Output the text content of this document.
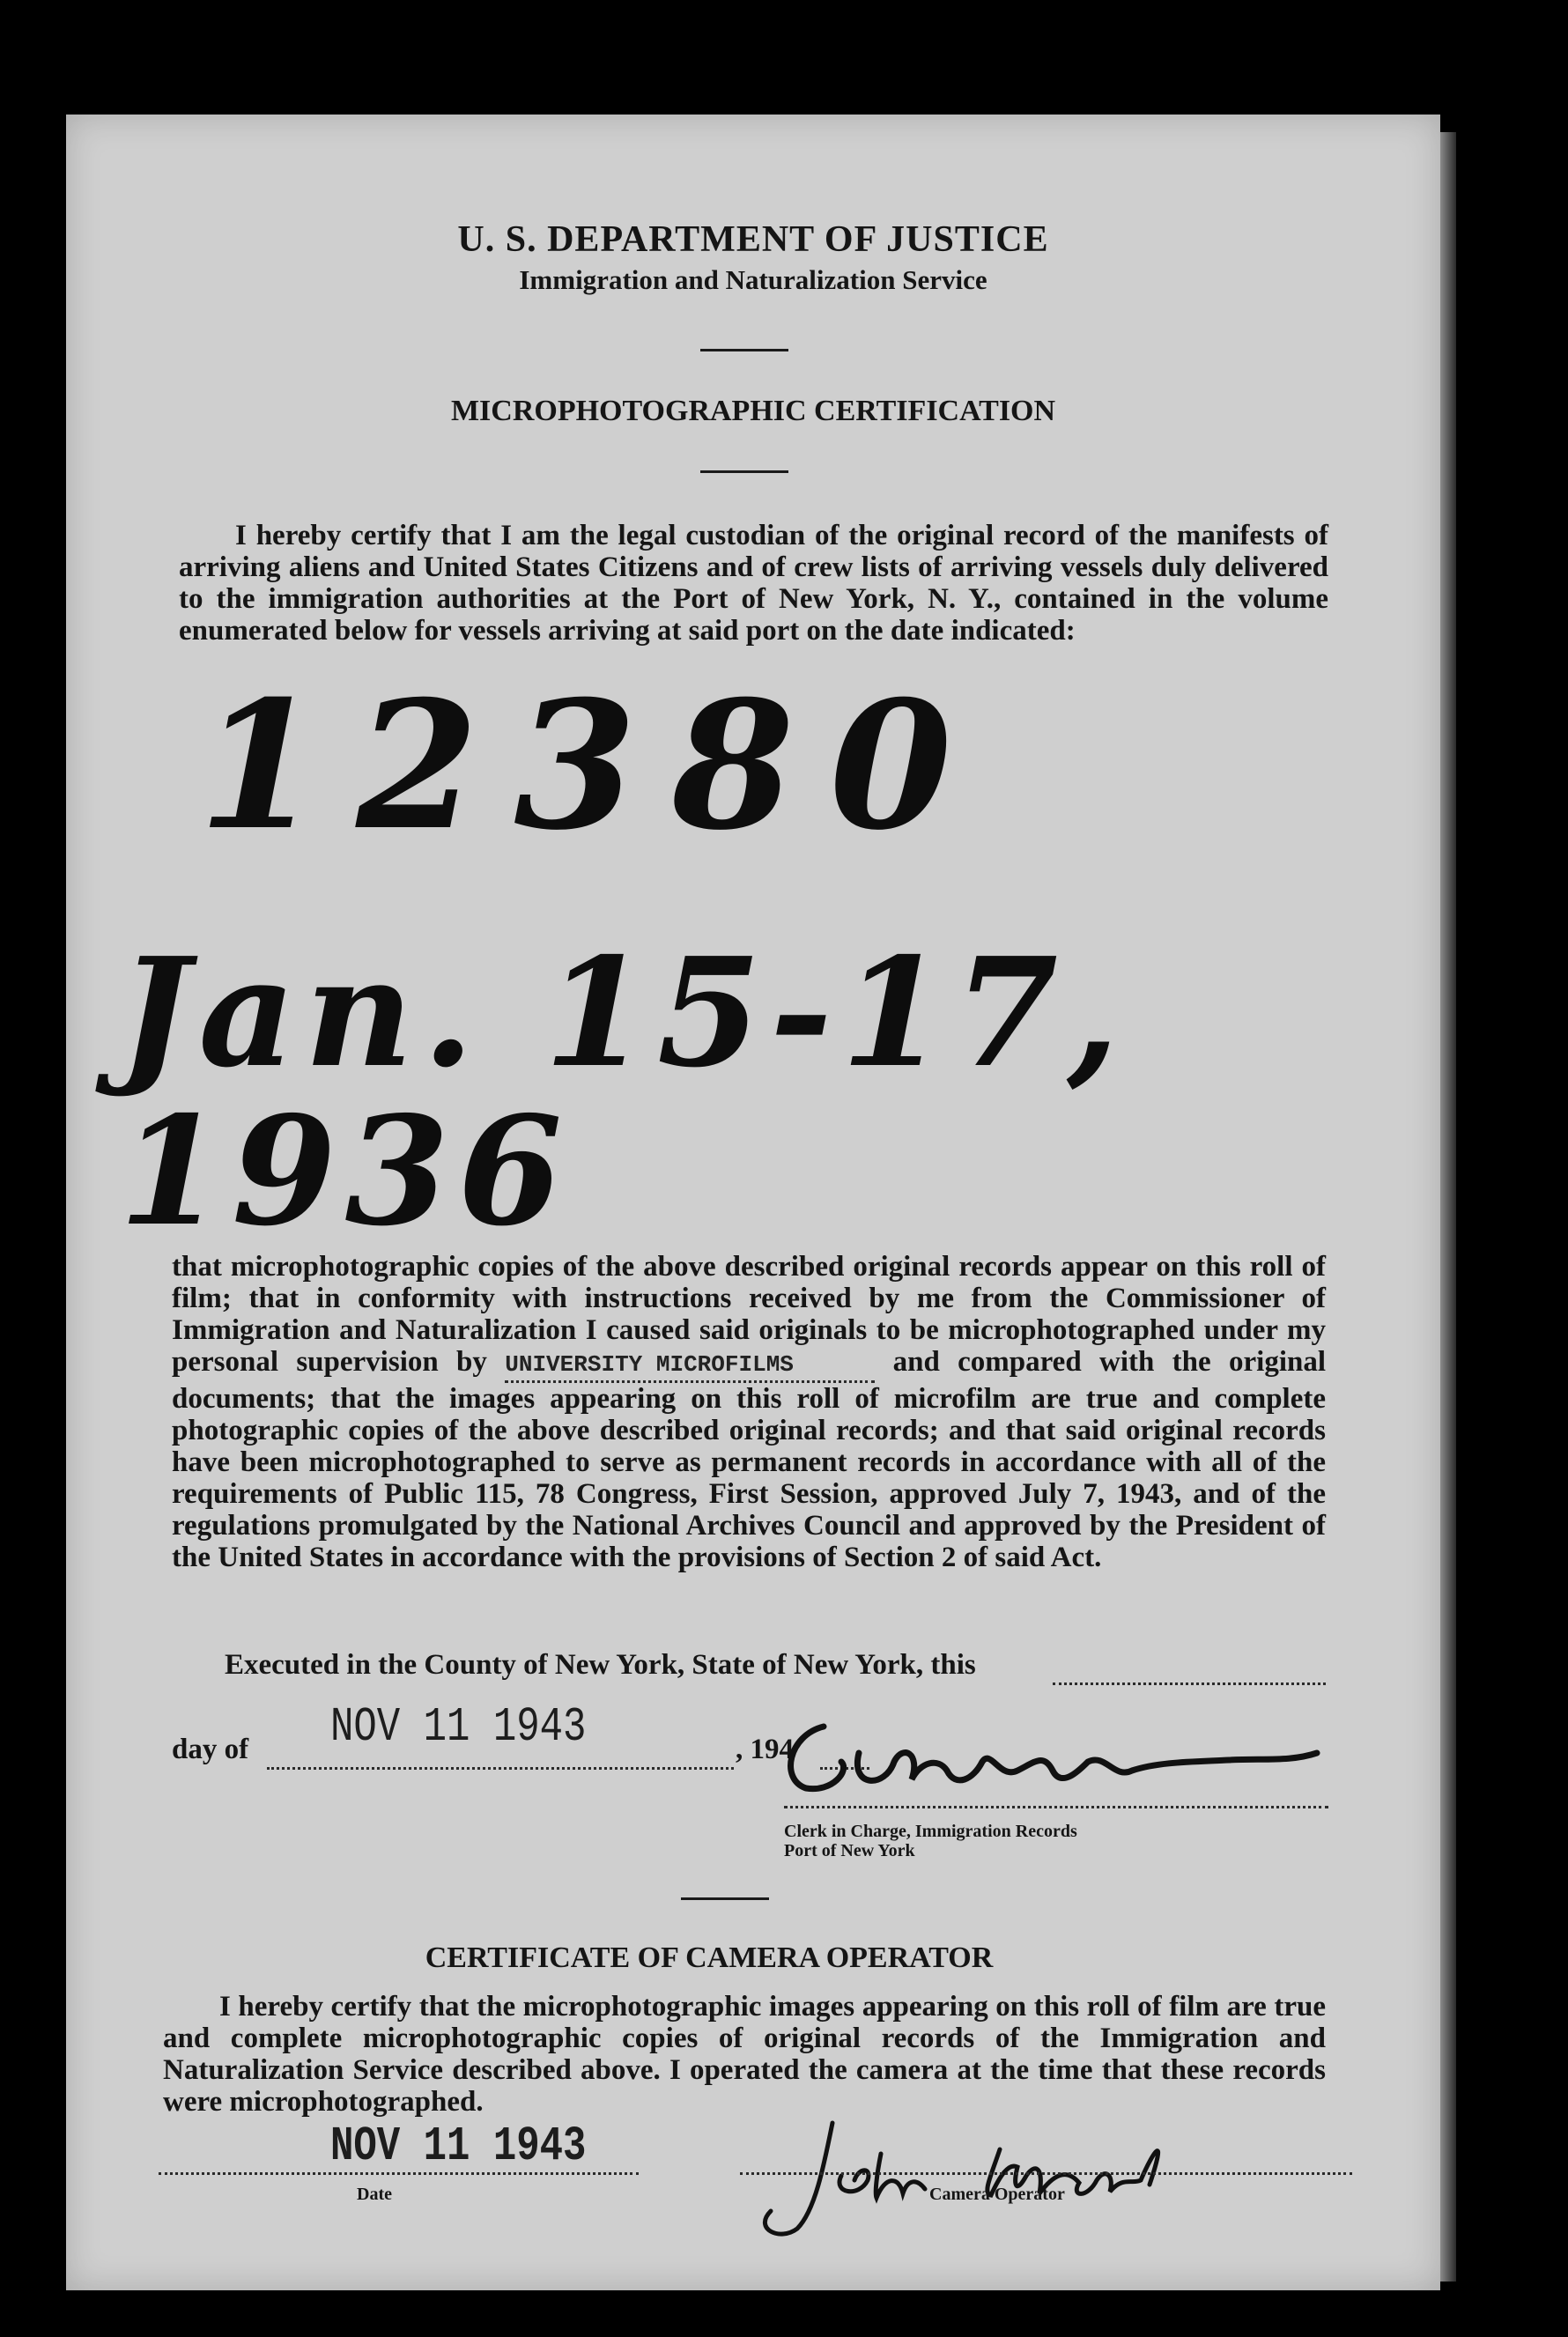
U. S. DEPARTMENT OF JUSTICE
Immigration and Naturalization Service
MICROPHOTOGRAPHIC CERTIFICATION

I hereby certify that I am the legal custodian of the original record of the manifests of arriving aliens and United States Citizens and of crew lists of arriving vessels duly delivered to the immigration authorities at the Port of New York, N. Y., contained in the volume enumerated below for vessels arriving at said port on the date indicated:

12380
Jan. 15-17, 1936
that microphotographic copies of the above described original records appear on this roll of film; that in conformity with instructions received by me from the Commissioner of Immigration and Naturalization I caused said originals to be microphotographed under my personal supervision by UNIVERSITY MICROFILMS	and compared with the original documents; that the images appearing on this roll of microfilm are true and complete photographic copies of the above described original records; and that said original records have been microphotographed to serve as permanent records in accordance with all of the requirements of Public 115, 78 Congress, First Session, approved July 7, 1943, and of the regulations promulgated by the National Archives Council and approved by the President of the United States in accordance with the provisions of Section 2 of said Act.
Executed in the County of New York, State of New York, this
day of NOV 11 1943	, 194
Clerk in Charge, Immigration Records
Port of New York
CERTIFICATE OF CAMERA OPERATOR

I hereby certify that the microphotographic images appearing on this roll of film are true and complete microphotographic copies of original records of the Immigration and Naturalization Service described above. I operated the camera at the time that these records were microphotographed.

NOV 11 1943
Date	Camera Operator
